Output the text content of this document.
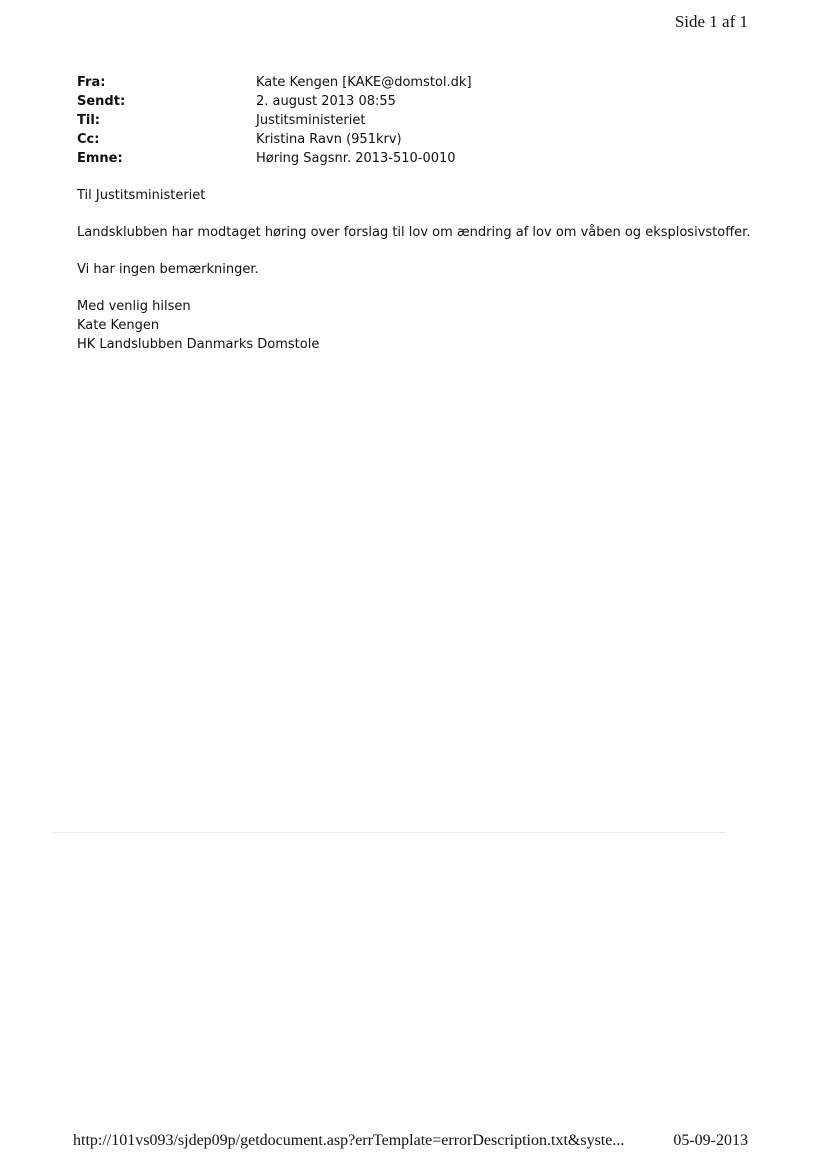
Side 1 af 1
Fra:	Kate Kengen [KAKE@domstol.dk]
Sendt:	2. august 2013 08:55
Til:	Justitsministeriet
Cc:	Kristina Ravn (951krv)
Emne:	Høring Sagsnr. 2013-510-0010

Til Justitsministeriet

Landsklubben har modtaget høring over forslag til lov om ændring af lov om våben og eksplosivstoffer.

Vi har ingen bemærkninger.

Med venlig hilsen
Kate Kengen
HK Landslubben Danmarks Domstole
http://101vs093/sjdep09p/getdocument.asp?errTemplate=errorDescription.txt&syste...	05-09-2013
